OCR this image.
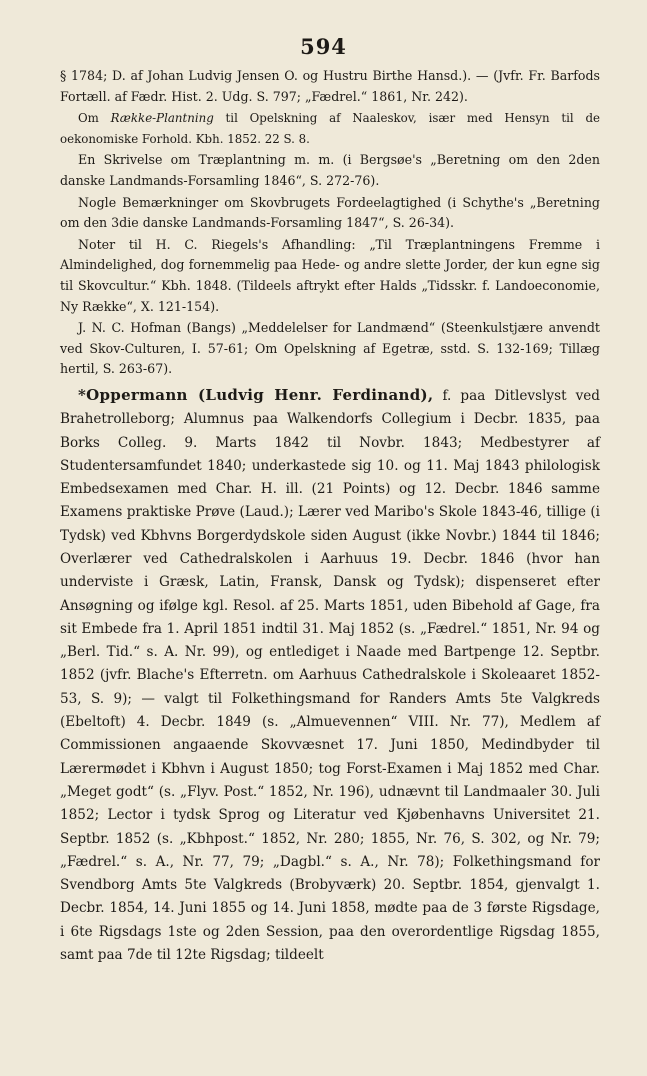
594

§ 1784; D. af Johan Ludvig Jensen O. og Hustru Birthe Hansd.). — (Jvfr. Fr. Barfods Fortæll. af Fædr. Hist. 2. Udg. S. 797; „Fædrel.“ 1861, Nr. 242).

Om Række-Plantning til Opelskning af Naaleskov, især med Hensyn til de oekonomiske Forhold. Kbh. 1852. 22 S. 8.

En Skrivelse om Træplantning m. m. (i Bergsøe's „Beretning om den 2den danske Landmands-Forsamling 1846“, S. 272-76).

Nogle Bemærkninger om Skovbrugets Fordeelagtighed (i Schythe's „Beretning om den 3die danske Landmands-Forsamling 1847“, S. 26-34).

Noter til H. C. Riegels's Afhandling: „Til Træplantningens Fremme i Almindelighed, dog fornemmelig paa Hede- og andre slette Jorder, der kun egne sig til Skovcultur.“ Kbh. 1848. (Tildeels aftrykt efter Halds „Tidsskr. f. Landoeconomie, Ny Række“, X. 121-154).

J. N. C. Hofman (Bangs) „Meddelelser for Landmænd“ (Steenkulstjære anvendt ved Skov-Culturen, I. 57-61; Om Opelskning af Egetræ, sstd. S. 132-169; Tillæg hertil, S. 263-67).

*Oppermann (Ludvig Henr. Ferdinand), f. paa Ditlevslyst ved Brahetrolleborg; Alumnus paa Walkendorfs Collegium i Decbr. 1835, paa Borks Colleg. 9. Marts 1842 til Novbr. 1843; Medbestyrer af Studentersamfundet 1840; underkastede sig 10. og 11. Maj 1843 philologisk Embedsexamen med Char. H. ill. (21 Points) og 12. Decbr. 1846 samme Examens praktiske Prøve (Laud.); Lærer ved Maribo's Skole 1843-46, tillige (i Tydsk) ved Kbhvns Borgerdydskole siden August (ikke Novbr.) 1844 til 1846; Overlærer ved Cathedralskolen i Aarhuus 19. Decbr. 1846 (hvor han underviste i Græsk, Latin, Fransk, Dansk og Tydsk); dispenseret efter Ansøgning og ifølge kgl. Resol. af 25. Marts 1851, uden Bibehold af Gage, fra sit Embede fra 1. April 1851 indtil 31. Maj 1852 (s. „Fædrel.“ 1851, Nr. 94 og „Berl. Tid.“ s. A. Nr. 99), og entlediget i Naade med Bartpenge 12. Septbr. 1852 (jvfr. Blache's Efterretn. om Aarhuus Cathedralskole i Skoleaaret 1852-53, S. 9); — valgt til Folkethingsmand for Randers Amts 5te Valgkreds (Ebeltoft) 4. Decbr. 1849 (s. „Almuevennen“ VIII. Nr. 77), Medlem af Commissionen angaaende Skovvæsnet 17. Juni 1850, Medindbyder til Lærermødet i Kbhvn i August 1850; tog Forst-Examen i Maj 1852 med Char. „Meget godt“ (s. „Flyv. Post.“ 1852, Nr. 196), udnævnt til Landmaaler 30. Juli 1852; Lector i tydsk Sprog og Literatur ved Kjøbenhavns Universitet 21. Septbr. 1852 (s. „Kbhpost.“ 1852, Nr. 280; 1855, Nr. 76, S. 302, og Nr. 79; „Fædrel.“ s. A., Nr. 77, 79; „Dagbl.“ s. A., Nr. 78); Folkethingsmand for Svendborg Amts 5te Valgkreds (Brobyværk) 20. Septbr. 1854, gjenvalgt 1. Decbr. 1854, 14. Juni 1855 og 14. Juni 1858, mødte paa de 3 første Rigsdage, i 6te Rigsdags 1ste og 2den Session, paa den overordentlige Rigsdag 1855, samt paa 7de til 12te Rigsdag; tildeelt
